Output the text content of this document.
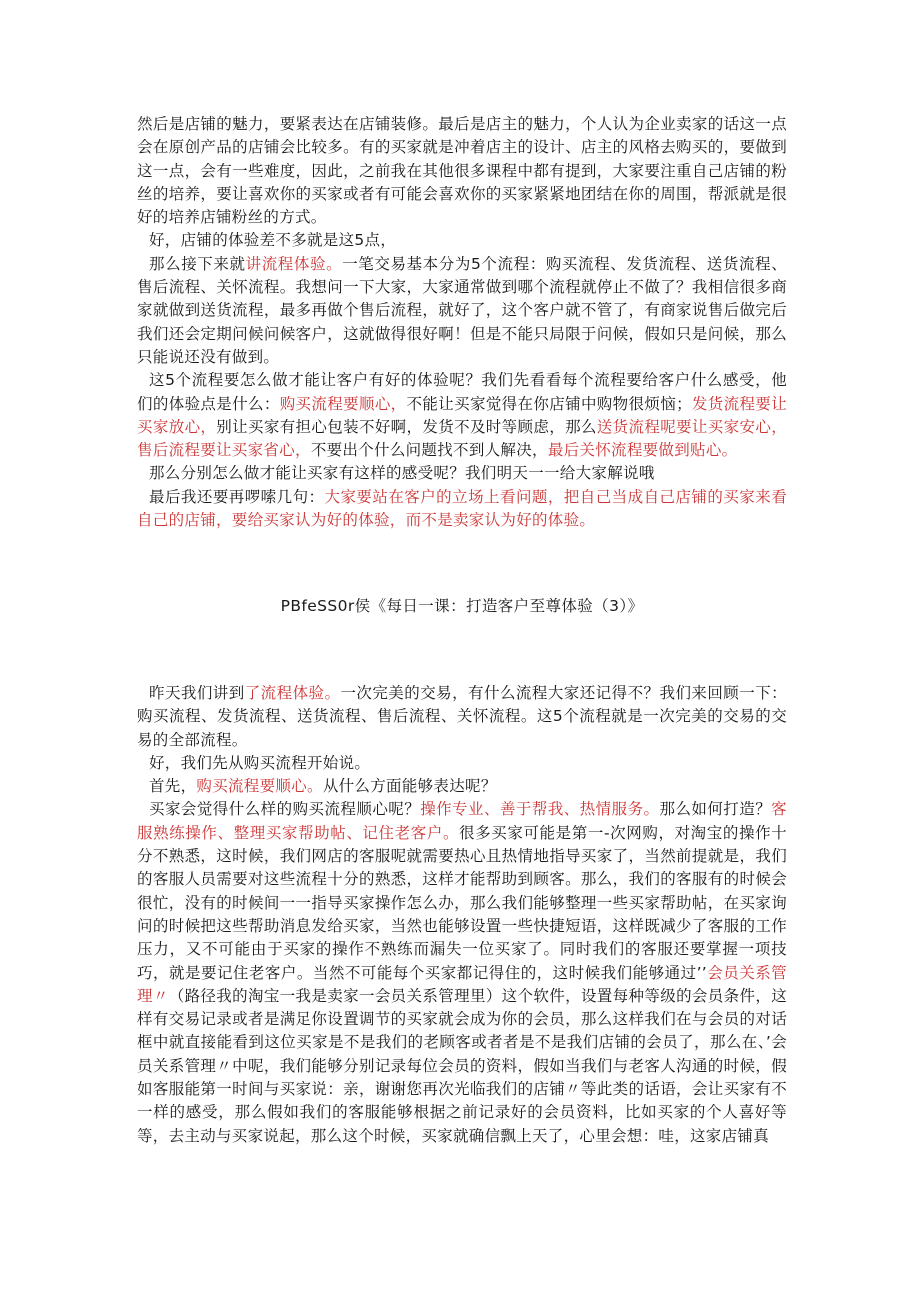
然后是店铺的魅力，要紧表达在店铺装修。最后是店主的魅力，个人认为企业卖家的话这一点会在原创产品的店铺会比较多。有的买家就是冲着店主的设计、店主的风格去购买的，要做到这一点，会有一些难度，因此，之前我在其他很多课程中都有提到，大家要注重自己店铺的粉丝的培养，要让喜欢你的买家或者有可能会喜欢你的买家紧紧地团结在你的周围，帮派就是很好的培养店铺粉丝的方式。

好，店铺的体验差不多就是这5点，

那么接下来就讲流程体验。一笔交易基本分为5个流程：购买流程、发货流程、送货流程、售后流程、关怀流程。我想问一下大家，大家通常做到哪个流程就停止不做了？我相信很多商家就做到送货流程，最多再做个售后流程，就好了，这个客户就不管了，有商家说售后做完后我们还会定期问候问候客户，这就做得很好啊！但是不能只局限于问候，假如只是问候，那么只能说还没有做到。

这5个流程要怎么做才能让客户有好的体验呢？我们先看看每个流程要给客户什么感受，他们的体验点是什么：购买流程要顺心，不能让买家觉得在你店铺中购物很烦恼；发货流程要让买家放心，别让买家有担心包装不好啊，发货不及时等顾虑，那么送货流程呢要让买家安心，售后流程要让买家省心，不要出个什么问题找不到人解决，最后关怀流程要做到贴心。

那么分别怎么做才能让买家有这样的感受呢？我们明天一一给大家解说哦

最后我还要再啰嗦几句：大家要站在客户的立场上看问题，把自己当成自己店铺的买家来看自己的店铺，要给买家认为好的体验，而不是卖家认为好的体验。

PBfeSS0r侯《每日一课：打造客户至尊体验（3）》

昨天我们讲到了流程体验。一次完美的交易，有什么流程大家还记得不？我们来回顾一下：购买流程、发货流程、送货流程、售后流程、关怀流程。这5个流程就是一次完美的交易的交易的全部流程。

好，我们先从购买流程开始说。

首先，购买流程要顺心。从什么方面能够表达呢？

买家会觉得什么样的购买流程顺心呢？操作专业、善于帮我、热情服务。那么如何打造？客服熟练操作、整理买家帮助帖、记住老客户。很多买家可能是第一-次网购，对淘宝的操作十分不熟悉，这时候，我们网店的客服呢就需要热心且热情地指导买家了，当然前提就是，我们的客服人员需要对这些流程十分的熟悉，这样才能帮助到顾客。那么，我们的客服有的时候会很忙，没有的时候间一一指导买家操作怎么办，那么我们能够整理一些买家帮助帖，在买家询问的时候把这些帮助消息发给买家，当然也能够设置一些快捷短语，这样既减少了客服的工作压力，又不可能由于买家的操作不熟练而漏失一位买家了。同时我们的客服还要掌握一项技巧，就是要记住老客户。当然不可能每个买家都记得住的，这时候我们能够通过’’会员关系管理〃（路径我的淘宝一我是卖家一会员关系管理里）这个软件，设置每种等级的会员条件，这样有交易记录或者是满足你设置调节的买家就会成为你的会员，那么这样我们在与会员的对话框中就直接能看到这位买家是不是我们的老顾客或者者是不是我们店铺的会员了，那么在、’会员关系管理〃中呢，我们能够分别记录每位会员的资料，假如当我们与老客人沟通的时候，假如客服能第一时间与买家说：亲，谢谢您再次光临我们的店铺〃等此类的话语，会让买家有不一样的感受，那么假如我们的客服能够根据之前记录好的会员资料，比如买家的个人喜好等等，去主动与买家说起，那么这个时候，买家就确信飘上天了，心里会想：哇，这家店铺真
